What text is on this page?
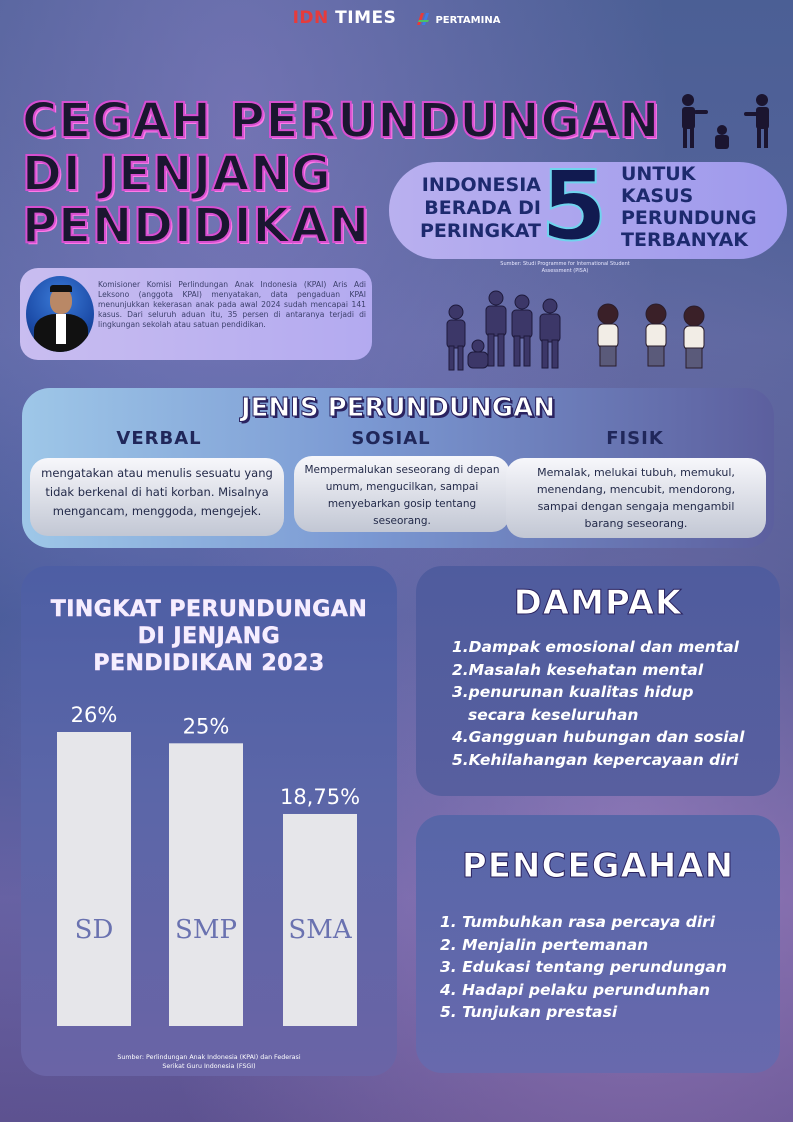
IDN TIMES	PERTAMINA
CEGAH PERUNDUNGAN
DI JENJANG
PENDIDIKAN
INDONESIA
BERADA DI
PERINGKAT 5 UNTUK
KASUS
PERUNDUNG
TERBANYAK
Sumber: Studi Programme for International Student Assessment (PISA)
Komisioner Komisi Perlindungan Anak Indonesia (KPAI) Aris Adi Leksono (anggota KPAI) menyatakan, data pengaduan KPAI menunjukkan kekerasan anak pada awal 2024 sudah mencapai 141 kasus. Dari seluruh aduan itu, 35 persen di antaranya terjadi di lingkungan sekolah atau satuan pendidikan.
JENIS PERUNDUNGAN
VERBAL	SOSIAL	FISIK
mengatakan atau menulis sesuatu yang tidak berkenal di hati korban. Misalnya mengancam, menggoda, mengejek.
Mempermalukan seseorang di depan umum, mengucilkan, sampai menyebarkan gosip tentang seseorang.
Memalak, melukai tubuh, memukul, menendang, mencubit, mendorong, sampai dengan sengaja mengambil barang seseorang.
TINGKAT PERUNDUNGAN
DI JENJANG
PENDIDIKAN 2023
26%
SD
25%
SMP
18,75%
SMA
Sumber: Perlindungan Anak Indonesia (KPAI) dan Federasi
Serikat Guru Indonesia (FSGI)
DAMPAK
1.Dampak emosional dan mental
2.Masalah kesehatan mental
3.penurunan kualitas hidup
secara keseluruhan
4.Gangguan hubungan dan sosial
5.Kehilahangan kepercayaan diri
PENCEGAHAN
1. Tumbuhkan rasa percaya diri
2. Menjalin pertemanan
3. Edukasi tentang perundungan
4. Hadapi pelaku perundunhan
5. Tunjukan prestasi
